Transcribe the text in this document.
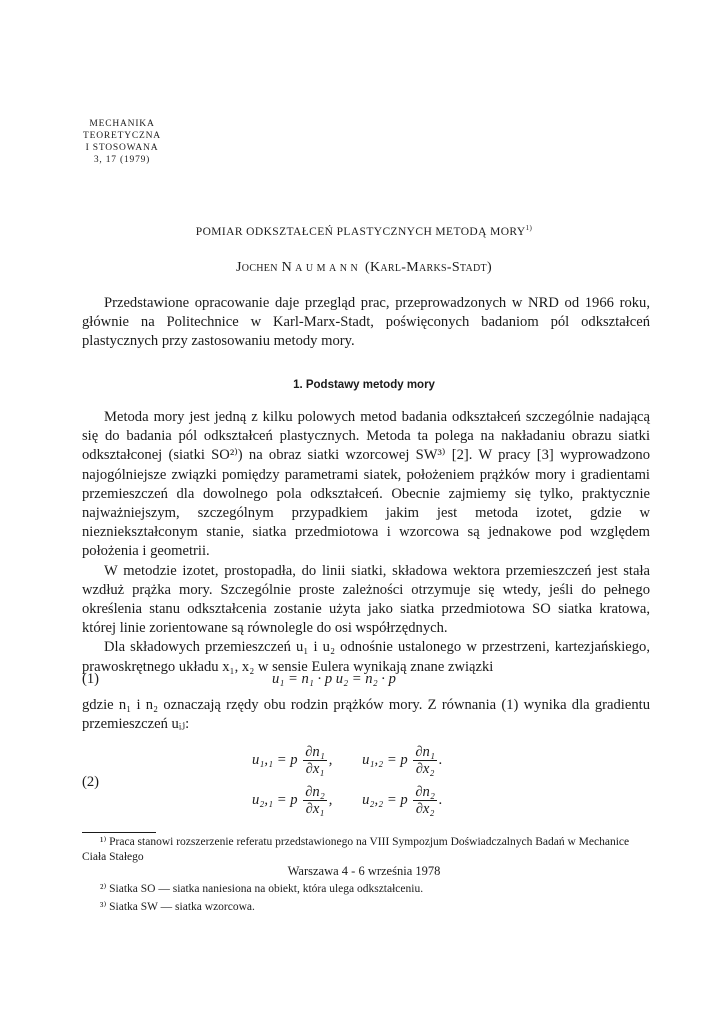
MECHANIKA
TEORETYCZNA
I STOSOWANA
3, 17 (1979)
POMIAR ODKSZTAŁCEŃ PLASTYCZNYCH METODĄ MORY$^{1)}$
Jochen Naumann (Karl-Marks-Stadt)

Przedstawione opracowanie daje przegląd prac, przeprowadzonych w NRD od 1966 roku, głównie na Politechnice w Karl-Marx-Stadt, poświęconych badaniom pól odkształceń plastycznych przy zastosowaniu metody mory.

1. Podstawy metody mory

Metoda mory jest jedną z kilku polowych metod badania odkształceń szczególnie nadającą się do badania pól odkształceń plastycznych. Metoda ta polega na nakładaniu obrazu siatki odkształconej (siatki SO²⁾) na obraz siatki wzorcowej SW³⁾ [2]. W pracy [3] wyprowadzono najogólniejsze związki pomiędzy parametrami siatek, położeniem prążków mory i gradientami przemieszczeń dla dowolnego pola odkształceń. Obecnie zajmiemy się tylko, praktycznie najważniejszym, szczególnym przypadkiem jakim jest metoda izotet, gdzie w niezniekształconym stanie, siatka przedmiotowa i wzorcowa są jednakowe pod względem położenia i geometrii.

W metodzie izotet, prostopadła, do linii siatki, składowa wektora przemieszczeń jest stała wzdłuż prążka mory. Szczególnie proste zależności otrzymuje się wtedy, jeśli do pełnego określenia stanu odkształcenia zostanie użyta jako siatka przedmiotowa SO siatka kratowa, której linie zorientowane są równolegle do osi współrzędnych.

Dla składowych przemieszczeń u₁ i u₂ odnośnie ustalonego w przestrzeni, kartezjańskiego, prawoskrętnego układu x₁, x₂ w sensie Eulera wynikają znane związki

(1)	u₁ = n₁ · p u₂ = n₂ · p

gdzie n₁ i n₂ oznaczają rzędy obu rodzin prążków mory. Z równania (1) wynika dla gradientu przemieszczeń uᵢⱼ:

(2)
u₁,₁ = p $\frac{\text{∂n₁}}{\text{∂x₁}}$ , u₁,₂ = p $\frac{\text{∂n₁}}{\text{∂x₂}}$ .
u₂,₁ = p $\frac{\text{∂n₂}}{\text{∂x₁}}$ , u₂,₂ = p $\frac{\text{∂n₂}}{\text{∂x₂}}$ .

¹⁾ Praca stanowi rozszerzenie referatu przedstawionego na VIII Sympozjum Doświadczalnych Badań w Mechanice Ciała Stałego

Warszawa 4 - 6 września 1978

²⁾ Siatka SO — siatka naniesiona na obiekt, która ulega odkształceniu.

³⁾ Siatka SW — siatka wzorcowa.
